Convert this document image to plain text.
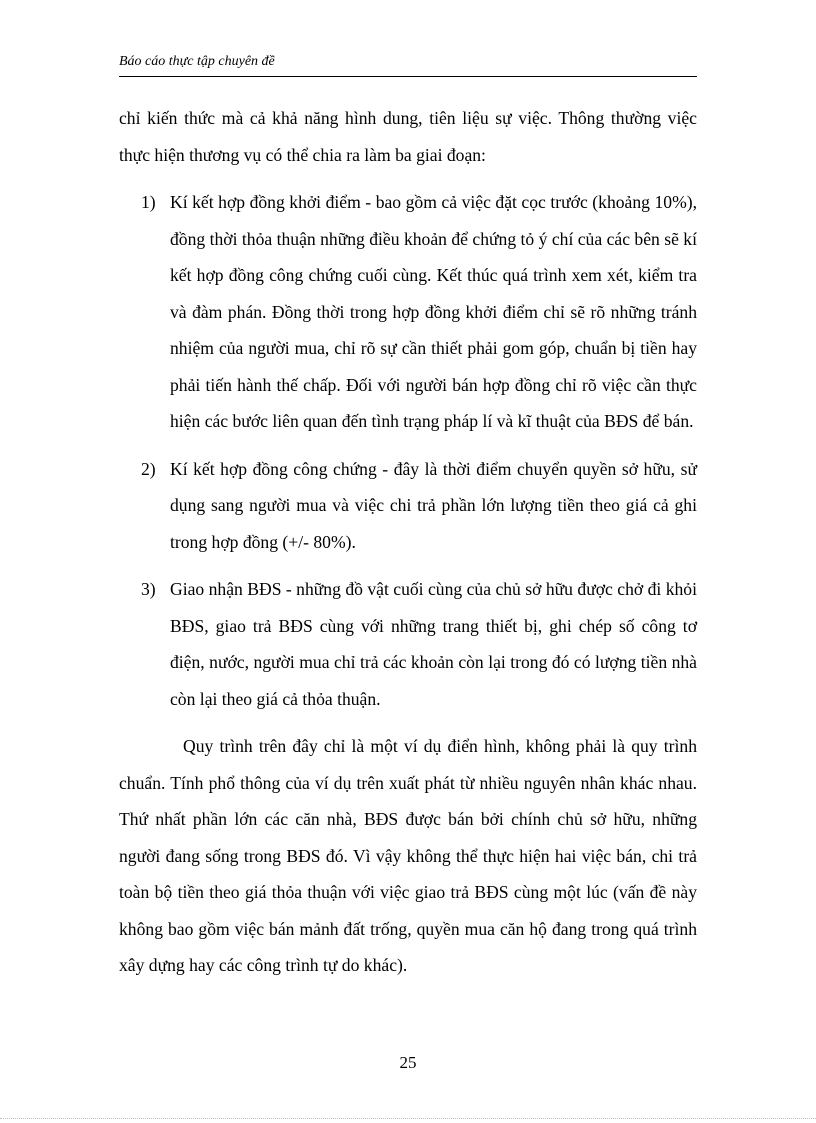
Báo cáo thực tập chuyên đề

chỉ kiến thức mà cả khả năng hình dung, tiên liệu sự việc. Thông thường việc thực hiện thương vụ có thể chia ra làm ba giai đoạn:

1) Kí kết hợp đồng khởi điểm - bao gồm cả việc đặt cọc trước (khoảng 10%), đồng thời thỏa thuận những điều khoản để chứng tỏ ý chí của các bên sẽ kí kết hợp đồng công chứng cuối cùng. Kết thúc quá trình xem xét, kiểm tra và đàm phán. Đồng thời trong hợp đồng khởi điểm chỉ sẽ rõ những tránh nhiệm của người mua, chỉ rõ sự cần thiết phải gom góp, chuẩn bị tiền hay phải tiến hành thế chấp. Đối với người bán hợp đồng chỉ rõ việc cần thực hiện các bước liên quan đến tình trạng pháp lí và kĩ thuật của BĐS để bán.
2) Kí kết hợp đồng công chứng - đây là thời điểm chuyển quyền sở hữu, sử dụng sang người mua và việc chi trả phần lớn lượng tiền theo giá cả ghi trong hợp đồng (+/- 80%).
3) Giao nhận BĐS - những đồ vật cuối cùng của chủ sở hữu được chở đi khỏi BĐS, giao trả BĐS cùng với những trang thiết bị, ghi chép số công tơ điện, nước, người mua chỉ trả các khoản còn lại trong đó có lượng tiền nhà còn lại theo giá cả thỏa thuận.

Quy trình trên đây chỉ là một ví dụ điển hình, không phải là quy trình chuẩn. Tính phổ thông của ví dụ trên xuất phát từ nhiều nguyên nhân khác nhau. Thứ nhất phần lớn các căn nhà, BĐS được bán bởi chính chủ sở hữu, những người đang sống trong BĐS đó. Vì vậy không thể thực hiện hai việc bán, chi trả toàn bộ tiền theo giá thỏa thuận với việc giao trả BĐS cùng một lúc (vấn đề này không bao gồm việc bán mảnh đất trống, quyền mua căn hộ đang trong quá trình xây dựng hay các công trình tự do khác).

25
